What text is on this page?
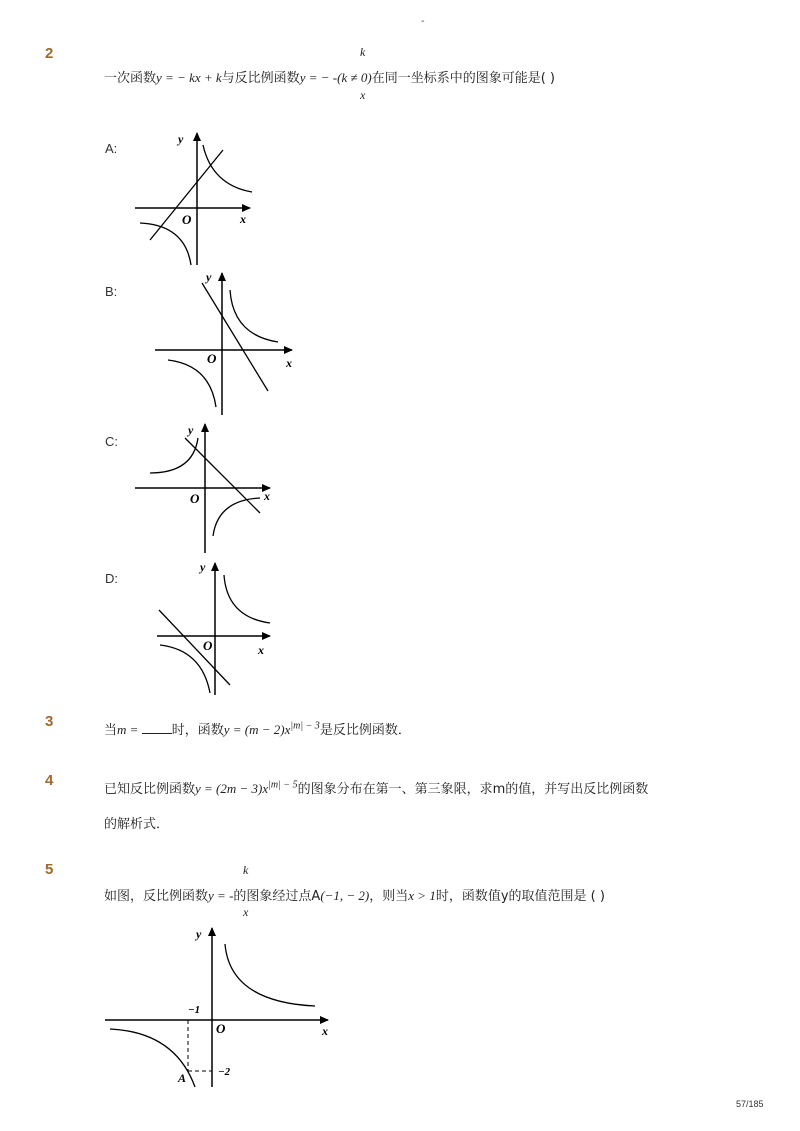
-
2	k
x
一次函数y = − kx + k与反比例函数y = − -(k ≠ 0)在同一坐标系中的图象可能是( )
A:
y
x
O
B:
y
x
O
C:
y
x
O
D:
y
x
O
3
当m = 时，函数$y = (m - 2)x^{|m| - 3}$是反比例函数．
4
已知反比例函数$y = (2m - 3)x^{|m| - 5}$的图象分布在第一、第三象限，求m的值，并写出反比例函数
的解析式．
5	k
x
如图，反比例函数y = -的图象经过点A(−1, − 2)，则当x > 1时，函数值y的取值范围是 ( )
y
x
O
−1
−2
A
57/185
